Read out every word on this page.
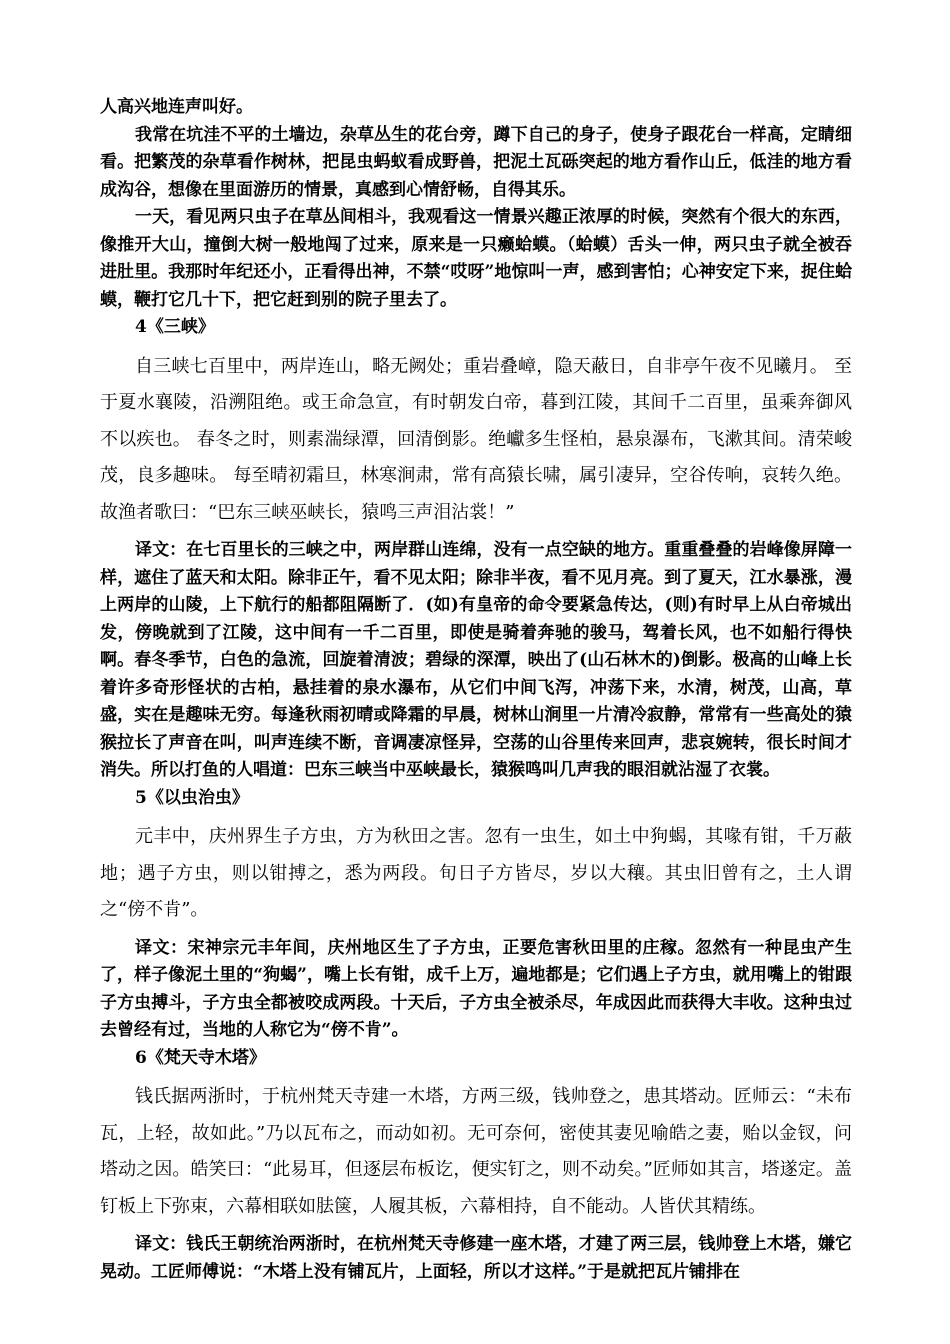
人高兴地连声叫好。

我常在坑洼不平的土墙边，杂草丛生的花台旁，蹲下自己的身子，使身子跟花台一样高，定睛细看。把繁茂的杂草看作树林，把昆虫蚂蚁看成野兽，把泥土瓦砾突起的地方看作山丘，低洼的地方看成沟谷，想像在里面游历的情景，真感到心情舒畅，自得其乐。

一天，看见两只虫子在草丛间相斗，我观看这一情景兴趣正浓厚的时候，突然有个很大的东西，像推开大山，撞倒大树一般地闯了过来，原来是一只癞蛤蟆。（蛤蟆）舌头一伸，两只虫子就全被吞进肚里。我那时年纪还小，正看得出神，不禁“哎呀”地惊叫一声，感到害怕；心神安定下来，捉住蛤蟆，鞭打它几十下，把它赶到别的院子里去了。

4《三峡》

自三峡七百里中，两岸连山，略无阙处；重岩叠嶂，隐天蔽日，自非亭午夜不见曦月。 至于夏水襄陵，沿溯阻绝。或王命急宣，有时朝发白帝，暮到江陵，其间千二百里，虽乘奔御风不以疾也。 春冬之时，则素湍绿潭，回清倒影。绝巘多生怪柏，悬泉瀑布，飞漱其间。清荣峻茂，良多趣味。 每至晴初霜旦，林寒涧肃，常有高猿长啸，属引凄异，空谷传响，哀转久绝。故渔者歌曰：“巴东三峡巫峡长，猿鸣三声泪沾裳！”

译文：在七百里长的三峡之中，两岸群山连绵，没有一点空缺的地方。重重叠叠的岩峰像屏障一样，遮住了蓝天和太阳。除非正午，看不见太阳；除非半夜，看不见月亮。到了夏天，江水暴涨，漫上两岸的山陵，上下航行的船都阻隔断了．(如)有皇帝的命令要紧急传达，(则)有时早上从白帝城出发，傍晚就到了江陵，这中间有一千二百里，即使是骑着奔驰的骏马，驾着长风，也不如船行得快啊。春冬季节，白色的急流，回旋着清波；碧绿的深潭，映出了(山石林木的)倒影。极高的山峰上长着许多奇形怪状的古柏，悬挂着的泉水瀑布，从它们中间飞泻，冲荡下来，水清，树茂，山高，草盛，实在是趣味无穷。每逢秋雨初晴或降霜的早晨，树林山涧里一片清冷寂静，常常有一些高处的猿猴拉长了声音在叫，叫声连续不断，音调凄凉怪异，空荡的山谷里传来回声，悲哀婉转，很长时间才消失。所以打鱼的人唱道：巴东三峡当中巫峡最长，猿猴鸣叫几声我的眼泪就沾湿了衣裳。

5《以虫治虫》

元丰中，庆州界生子方虫，方为秋田之害。忽有一虫生，如土中狗蝎，其喙有钳，千万蔽地；遇子方虫，则以钳搏之，悉为两段。旬日子方皆尽，岁以大穰。其虫旧曾有之，土人谓之“傍不肯”。

译文：宋神宗元丰年间，庆州地区生了子方虫，正要危害秋田里的庄稼。忽然有一种昆虫产生了，样子像泥土里的“狗蝎”，嘴上长有钳，成千上万，遍地都是；它们遇上子方虫，就用嘴上的钳跟子方虫搏斗，子方虫全都被咬成两段。十天后，子方虫全被杀尽，年成因此而获得大丰收。这种虫过去曾经有过，当地的人称它为“傍不肯”。

6《梵天寺木塔》

钱氏据两浙时，于杭州梵天寺建一木塔，方两三级，钱帅登之，患其塔动。匠师云：“未布瓦，上轻，故如此。”乃以瓦布之，而动如初。无可奈何，密使其妻见喻皓之妻，贻以金钗，问塔动之因。皓笑曰：“此易耳，但逐层布板讫，便实钉之，则不动矣。”匠师如其言，塔遂定。盖钉板上下弥束，六幕相联如胠箧，人履其板，六幕相持，自不能动。人皆伏其精练。

译文：钱氏王朝统治两浙时，在杭州梵天寺修建一座木塔，才建了两三层，钱帅登上木塔，嫌它晃动。工匠师傅说：“木塔上没有铺瓦片，上面轻，所以才这样。”于是就把瓦片铺排在
